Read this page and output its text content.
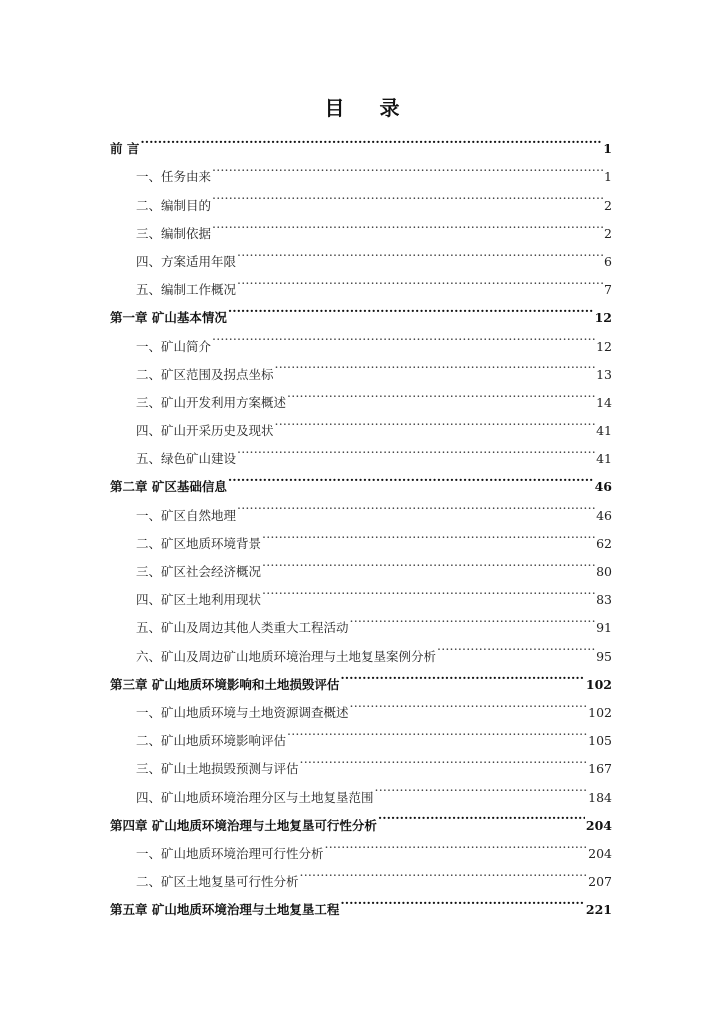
目 录
前 言 .....	1
一、任务由来 .....	1
二、编制目的 .....	2
三、编制依据 .....	2
四、方案适用年限 .....	6
五、编制工作概况 .....	7
第一章 矿山基本情况 .....	12
一、矿山简介 .....	12
二、矿区范围及拐点坐标 .....	13
三、矿山开发利用方案概述 .....	14
四、矿山开采历史及现状 .....	41
五、绿色矿山建设 .....	41
第二章 矿区基础信息 .....	46
一、矿区自然地理 .....	46
二、矿区地质环境背景 .....	62
三、矿区社会经济概况 .....	80
四、矿区土地利用现状 .....	83
五、矿山及周边其他人类重大工程活动 .....	91
六、矿山及周边矿山地质环境治理与土地复垦案例分析 .....	95
第三章 矿山地质环境影响和土地损毁评估 .....	102
一、矿山地质环境与土地资源调查概述 .....	102
二、矿山地质环境影响评估 .....	105
三、矿山土地损毁预测与评估 .....	167
四、矿山地质环境治理分区与土地复垦范围 .....	184
第四章 矿山地质环境治理与土地复垦可行性分析 .....	204
一、矿山地质环境治理可行性分析 .....	204
二、矿区土地复垦可行性分析 .....	207
第五章 矿山地质环境治理与土地复垦工程 .....	221
